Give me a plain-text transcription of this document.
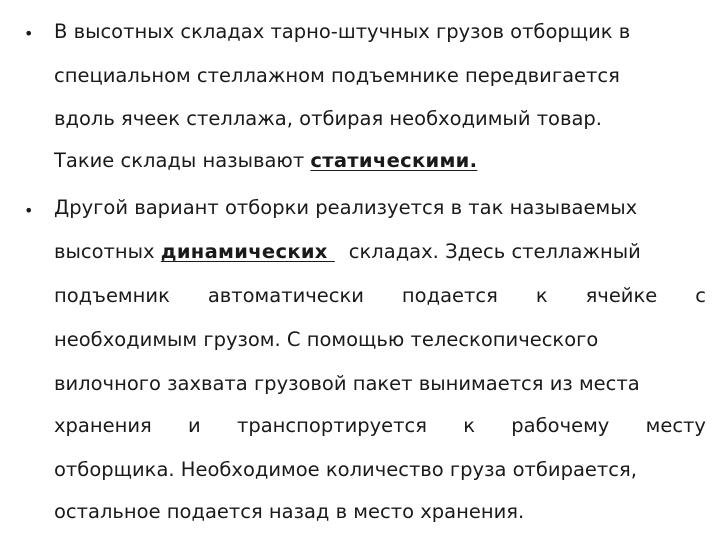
• В высотных складах тарно-штучных грузов отборщик в
специальном стеллажном подъемнике передвигается
вдоль ячеек стеллажа, отбирая необходимый товар.
Такие склады называют статическими.
• Другой вариант отборки реализуется в так называемых
высотных динамических складах. Здесь стеллажный
подъемник автоматически подается к ячейке с
необходимым грузом. С помощью телескопического
вилочного захвата грузовой пакет вынимается из места
хранения и транспортируется к рабочему месту
отборщика. Необходимое количество груза отбирается,
остальное подается назад в место хранения.
